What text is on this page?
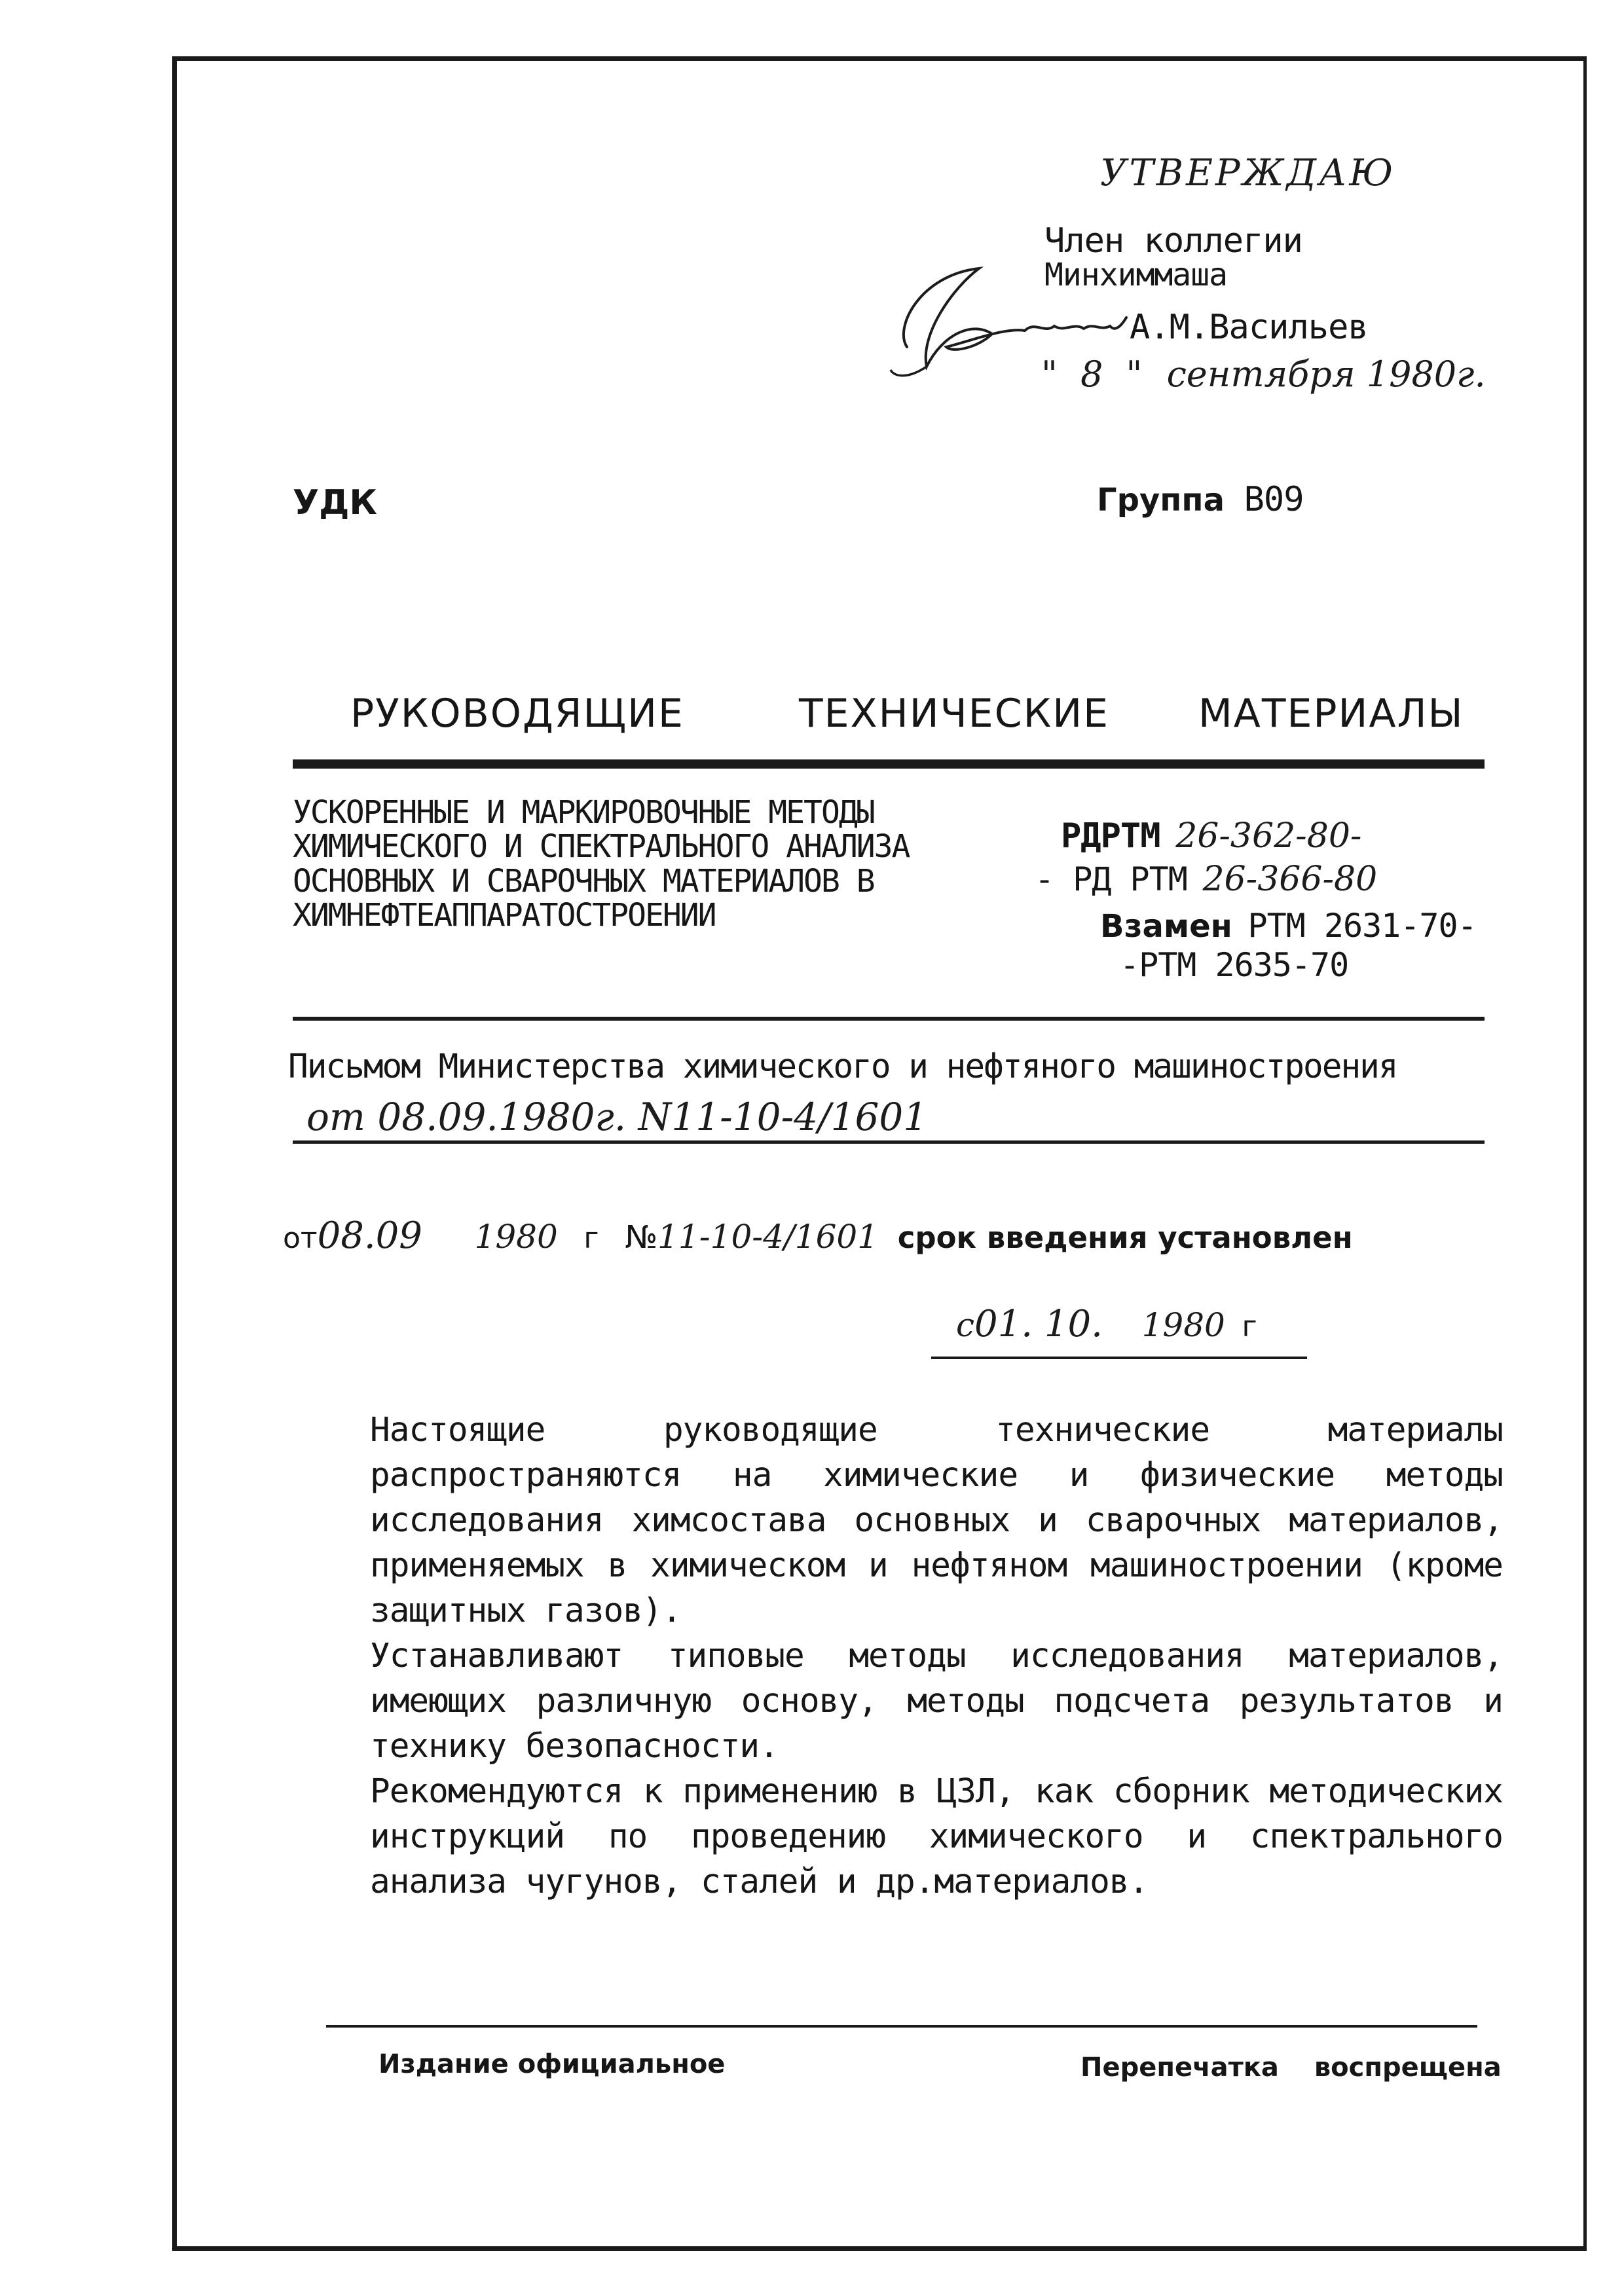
УТВЕРЖДАЮ
Член коллегии
Минхиммаша
А.М.Васильев
" 8 " сентября 1980г.
УДК	Группа В09
РУКОВОДЯЩИЕ	ТЕХНИЧЕСКИЕ МАТЕРИАЛЫ
УСКОРЕННЫЕ И МАРКИРОВОЧНЫЕ МЕТОДЫ
ХИМИЧЕСКОГО И СПЕКТРАЛЬНОГО АНАЛИЗА
ОСНОВНЫХ И СВАРОЧНЫХ МАТЕРИАЛОВ В
ХИМНЕФТЕАППАРАТОСТРОЕНИИ
РДРТМ 26-362-80-
- РД РТМ 26-366-80
Взамен РТМ 2631-70-
-РТМ 2635-70
Письмом Министерства химического и нефтяного машиностроения
от 08.09.1980г. N11-10-4/1601
от08.09 1980 г №11-10-4/1601 срок введения установлен
с01. 10. 1980 г

Настоящие руководящие технические материалы распространяются на химические и физические методы исследования химсостава основных и сварочных материалов, применяемых в химическом и нефтяном машиностроении (кроме защитных газов).

Устанавливают типовые методы исследования материалов, имеющих различную основу, методы подсчета результатов и технику безопасности.

Рекомендуются к применению в ЦЗЛ, как сборник методических инструкций по проведению химического и спектрального анализа чугунов, сталей и др.материалов.

Издание официальное	Перепечатка воспрещена
